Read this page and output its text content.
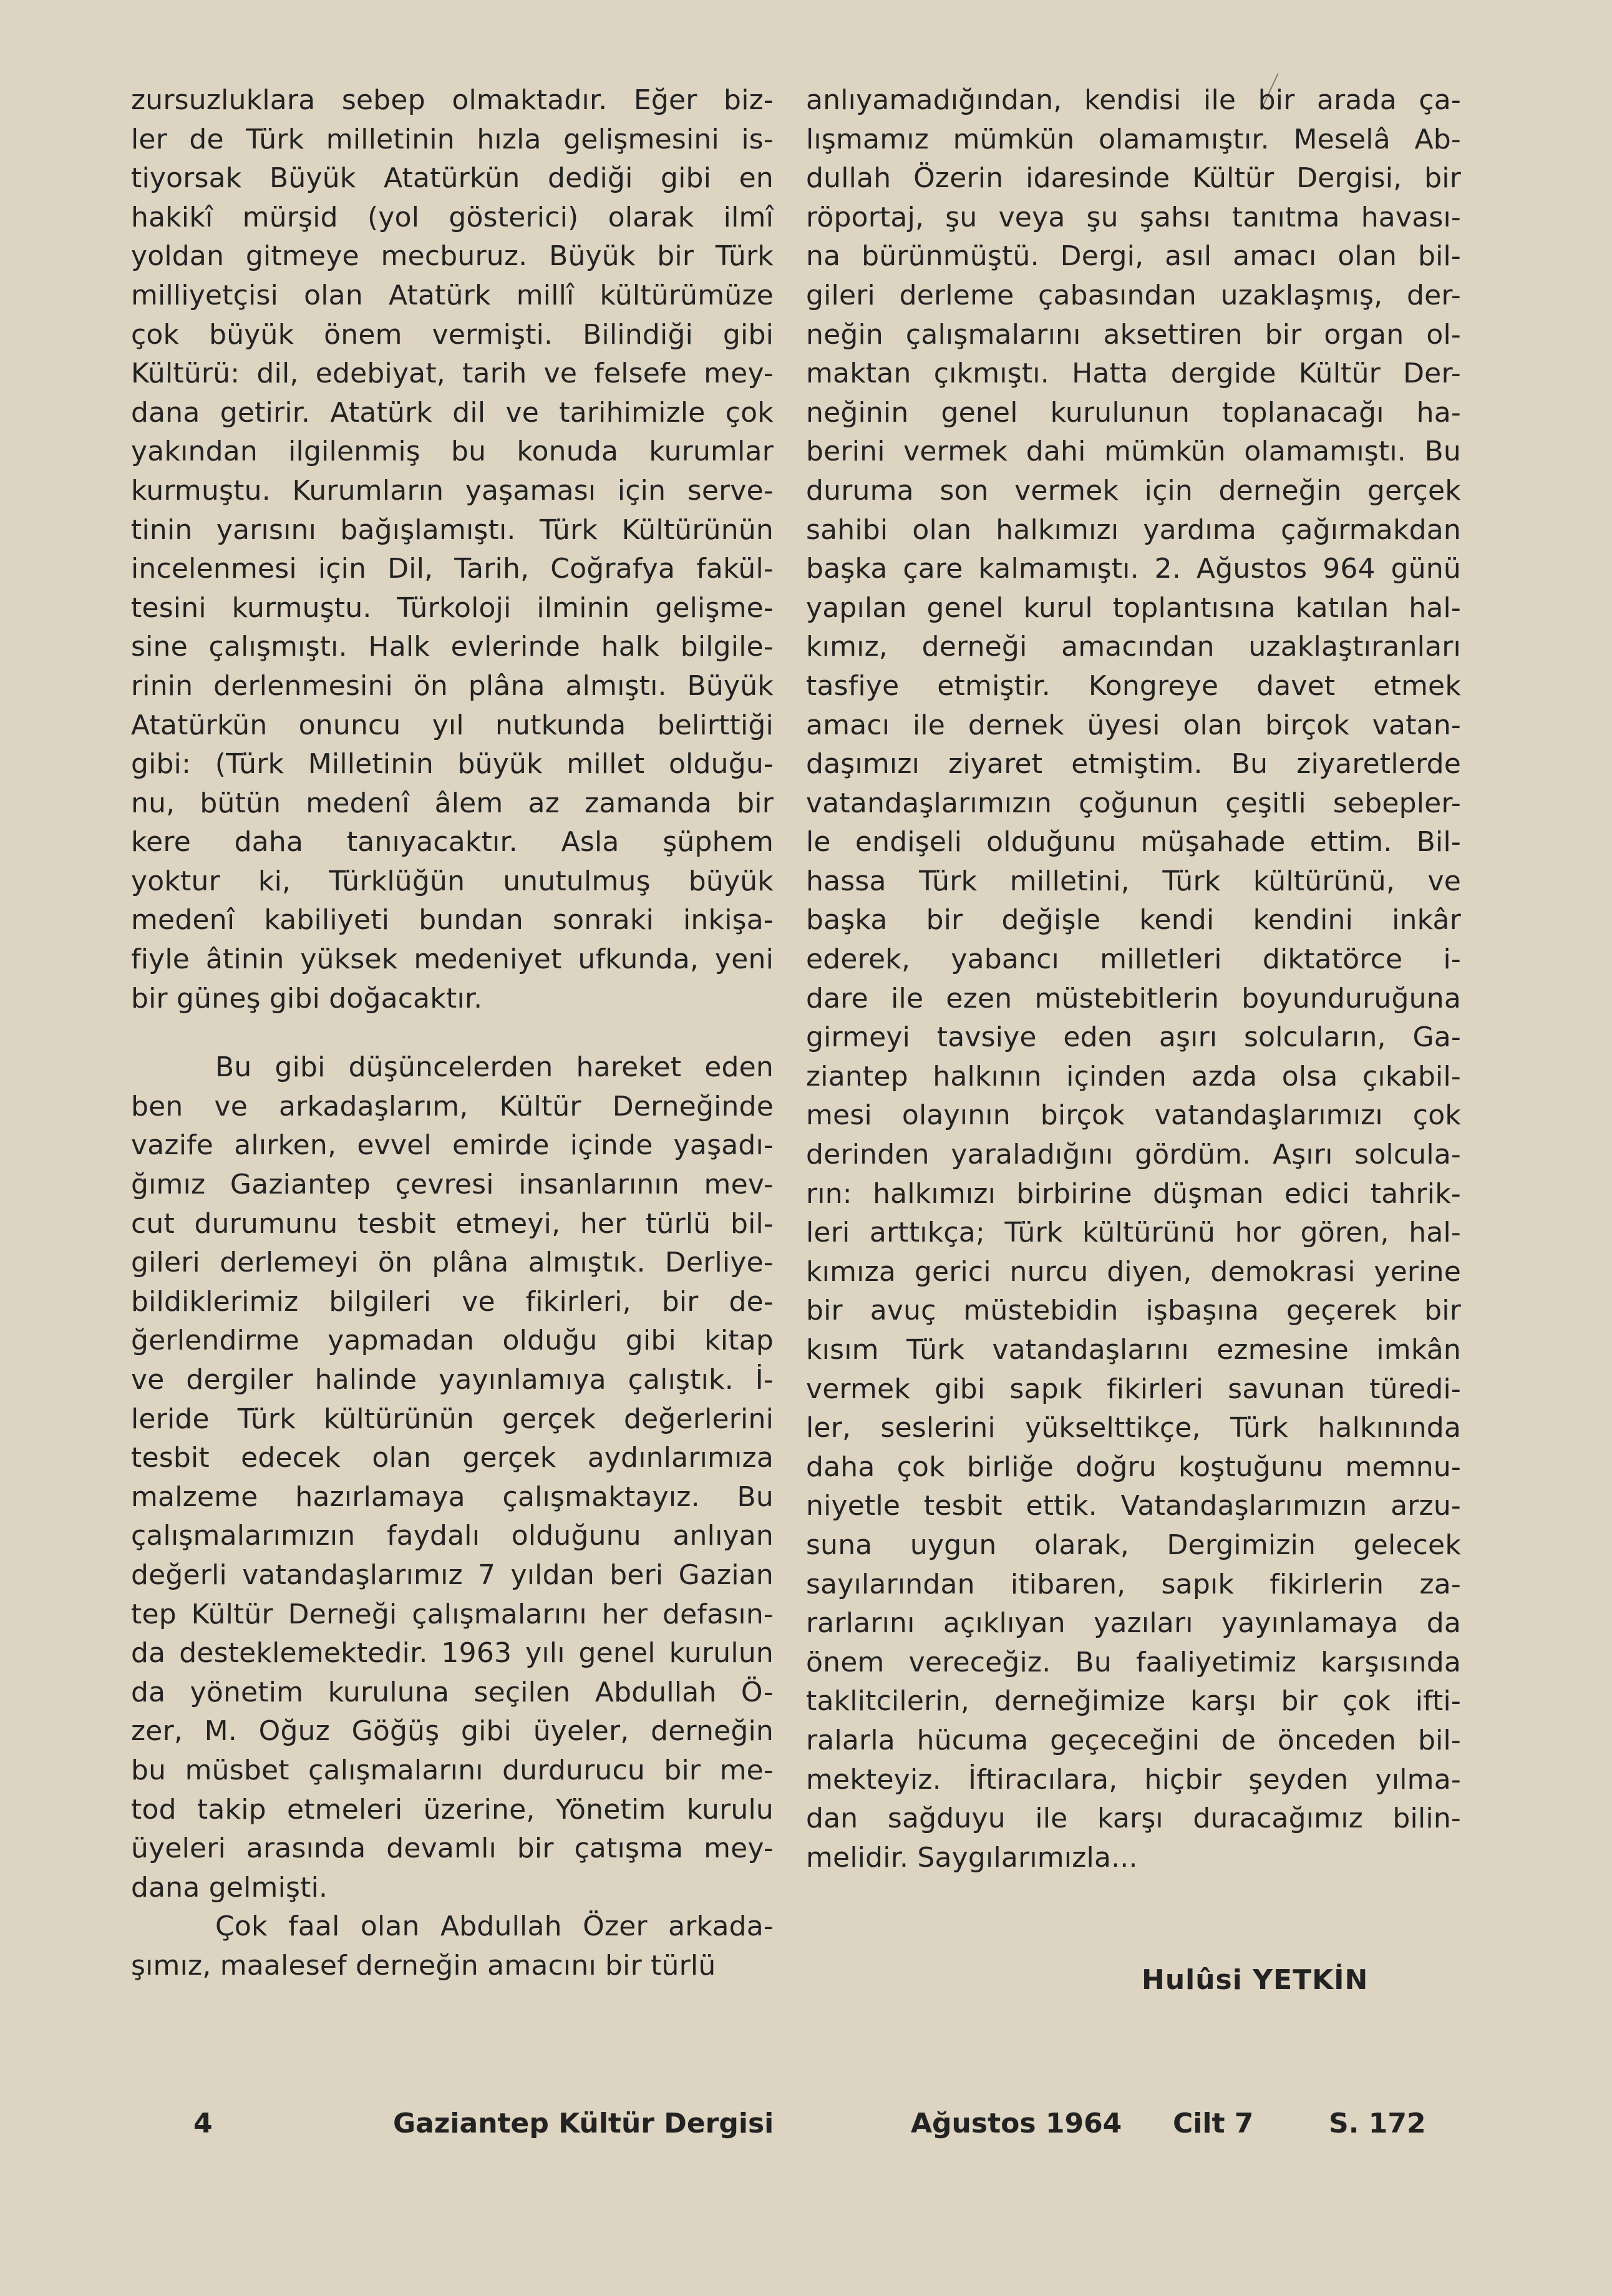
zursuzluklara sebep olmaktadır. Eğer biz-
ler de Türk milletinin hızla gelişmesini is-
tiyorsak Büyük Atatürkün dediği gibi en
hakikî mürşid (yol gösterici) olarak ilmî
yoldan gitmeye mecburuz. Büyük bir Türk
milliyetçisi olan Atatürk millî kültürümüze
çok büyük önem vermişti. Bilindiği gibi
Kültürü: dil, edebiyat, tarih ve felsefe mey-
dana getirir. Atatürk dil ve tarihimizle çok
yakından ilgilenmiş bu konuda kurumlar
kurmuştu. Kurumların yaşaması için serve-
tinin yarısını bağışlamıştı. Türk Kültürünün
incelenmesi için Dil, Tarih, Coğrafya fakül-
tesini kurmuştu. Türkoloji ilminin gelişme-
sine çalışmıştı. Halk evlerinde halk bilgile-
rinin derlenmesini ön plâna almıştı. Büyük
Atatürkün onuncu yıl nutkunda belirttiği
gibi: (Türk Milletinin büyük millet olduğu-
nu, bütün medenî âlem az zamanda bir
kere daha tanıyacaktır. Asla şüphem
yoktur ki, Türklüğün unutulmuş büyük
medenî kabiliyeti bundan sonraki inkişa-
fiyle âtinin yüksek medeniyet ufkunda, yeni
bir güneş gibi doğacaktır.
Bu gibi düşüncelerden hareket eden
ben ve arkadaşlarım, Kültür Derneğinde
vazife alırken, evvel emirde içinde yaşadı-
ğımız Gaziantep çevresi insanlarının mev-
cut durumunu tesbit etmeyi, her türlü bil-
gileri derlemeyi ön plâna almıştık. Derliye-
bildiklerimiz bilgileri ve fikirleri, bir de-
ğerlendirme yapmadan olduğu gibi kitap
ve dergiler halinde yayınlamıya çalıştık. İ-
leride Türk kültürünün gerçek değerlerini
tesbit edecek olan gerçek aydınlarımıza
malzeme hazırlamaya çalışmaktayız. Bu
çalışmalarımızın faydalı olduğunu anlıyan
değerli vatandaşlarımız 7 yıldan beri Gazian
tep Kültür Derneği çalışmalarını her defasın-
da desteklemektedir. 1963 yılı genel kurulun
da yönetim kuruluna seçilen Abdullah Ö-
zer, M. Oğuz Göğüş gibi üyeler, derneğin
bu müsbet çalışmalarını durdurucu bir me-
tod takip etmeleri üzerine, Yönetim kurulu
üyeleri arasında devamlı bir çatışma mey-
dana gelmişti.
Çok faal olan Abdullah Özer arkada-
şımız, maalesef derneğin amacını bir türlü
anlıyamadığından, kendisi ile bir arada ça-
lışmamız mümkün olamamıştır. Meselâ Ab-
dullah Özerin idaresinde Kültür Dergisi, bir
röportaj, şu veya şu şahsı tanıtma havası-
na bürünmüştü. Dergi, asıl amacı olan bil-
gileri derleme çabasından uzaklaşmış, der-
neğin çalışmalarını aksettiren bir organ ol-
maktan çıkmıştı. Hatta dergide Kültür Der-
neğinin genel kurulunun toplanacağı ha-
berini vermek dahi mümkün olamamıştı. Bu
duruma son vermek için derneğin gerçek
sahibi olan halkımızı yardıma çağırmakdan
başka çare kalmamıştı. 2. Ağustos 964 günü
yapılan genel kurul toplantısına katılan hal-
kımız, derneği amacından uzaklaştıranları
tasfiye etmiştir. Kongreye davet etmek
amacı ile dernek üyesi olan birçok vatan-
daşımızı ziyaret etmiştim. Bu ziyaretlerde
vatandaşlarımızın çoğunun çeşitli sebepler-
le endişeli olduğunu müşahade ettim. Bil-
hassa Türk milletini, Türk kültürünü, ve
başka bir değişle kendi kendini inkâr
ederek, yabancı milletleri diktatörce i-
dare ile ezen müstebitlerin boyunduruğuna
girmeyi tavsiye eden aşırı solcuların, Ga-
ziantep halkının içinden azda olsa çıkabil-
mesi olayının birçok vatandaşlarımızı çok
derinden yaraladığını gördüm. Aşırı solcula-
rın: halkımızı birbirine düşman edici tahrik-
leri arttıkça; Türk kültürünü hor gören, hal-
kımıza gerici nurcu diyen, demokrasi yerine
bir avuç müstebidin işbaşına geçerek bir
kısım Türk vatandaşlarını ezmesine imkân
vermek gibi sapık fikirleri savunan türedi-
ler, seslerini yükselttikçe, Türk halkınında
daha çok birliğe doğru koştuğunu memnu-
niyetle tesbit ettik. Vatandaşlarımızın arzu-
suna uygun olarak, Dergimizin gelecek
sayılarından itibaren, sapık fikirlerin za-
rarlarını açıklıyan yazıları yayınlamaya da
önem vereceğiz. Bu faaliyetimiz karşısında
taklitcilerin, derneğimize karşı bir çok ifti-
ralarla hücuma geçeceğini de önceden bil-
mekteyiz. İftiracılara, hiçbir şeyden yılma-
dan sağduyu ile karşı duracağımız bilin-
melidir. Saygılarımızla...
Hulûsi YETKİN
4	Gaziantep Kültür Dergisi	Ağustos 1964 Cilt 7	S. 172
